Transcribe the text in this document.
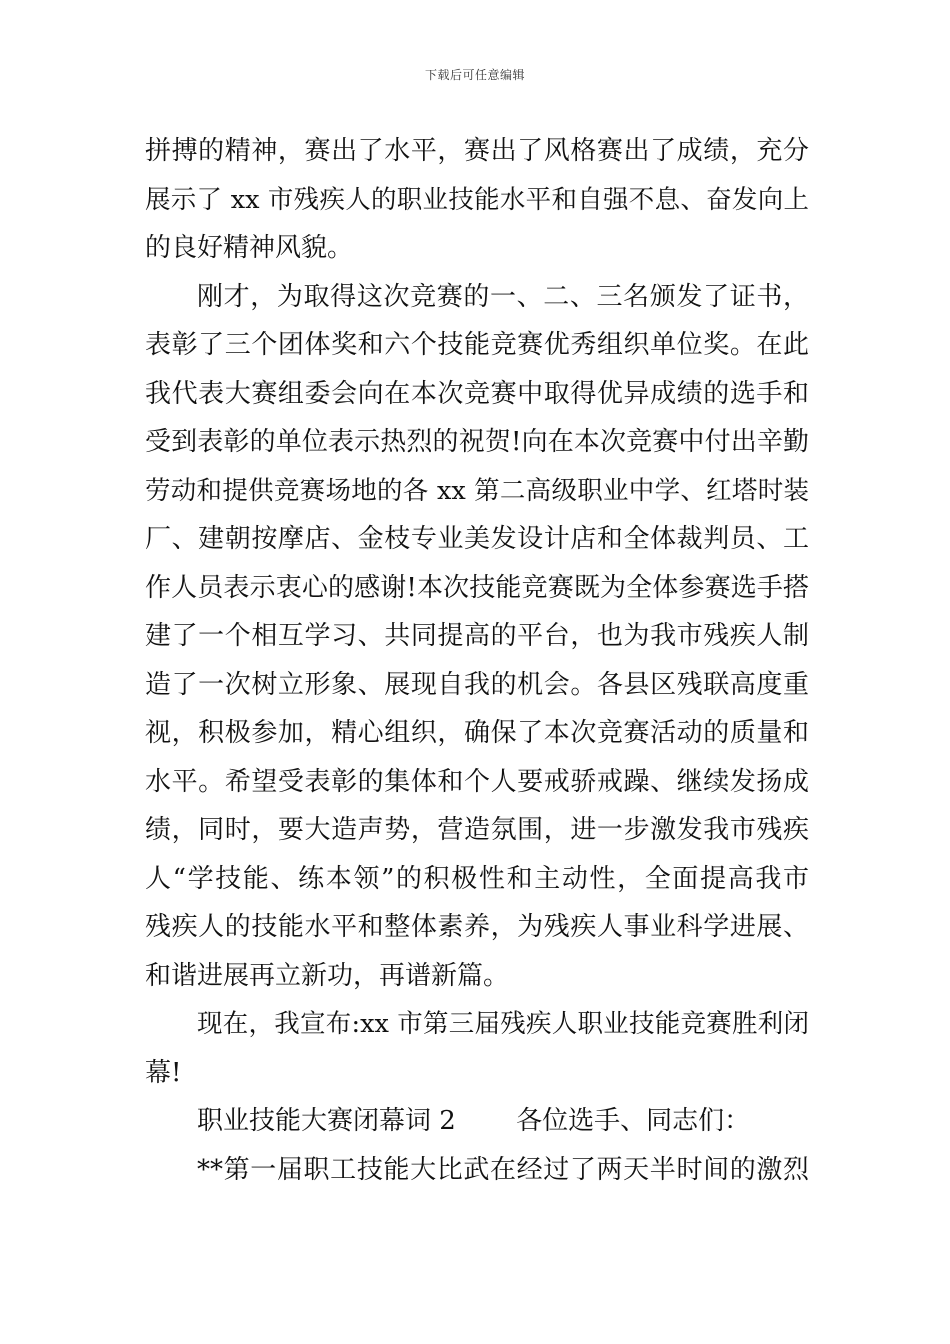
下载后可任意编辑
拼搏的精神，赛出了水平，赛出了风格赛出了成绩，充分
展示了 xx 市残疾人的职业技能水平和自强不息、奋发向上
的良好精神风貌。
刚才，为取得这次竞赛的一、二、三名颁发了证书，
表彰了三个团体奖和六个技能竞赛优秀组织单位奖。在此
我代表大赛组委会向在本次竞赛中取得优异成绩的选手和
受到表彰的单位表示热烈的祝贺!向在本次竞赛中付出辛勤
劳动和提供竞赛场地的各 xx 第二高级职业中学、红塔时装
厂、建朝按摩店、金枝专业美发设计店和全体裁判员、工
作人员表示衷心的感谢!本次技能竞赛既为全体参赛选手搭
建了一个相互学习、共同提高的平台，也为我市残疾人制
造了一次树立形象、展现自我的机会。各县区残联高度重
视，积极参加，精心组织，确保了本次竞赛活动的质量和
水平。希望受表彰的集体和个人要戒骄戒躁、继续发扬成
绩，同时，要大造声势，营造氛围，进一步激发我市残疾
人“学技能、练本领”的积极性和主动性，全面提高我市
残疾人的技能水平和整体素养，为残疾人事业科学进展、
和谐进展再立新功，再谱新篇。
现在，我宣布:xx 市第三届残疾人职业技能竞赛胜利闭
幕!
职业技能大赛闭幕词 2　　 各位选手、同志们：
**第一届职工技能大比武在经过了两天半时间的激烈
